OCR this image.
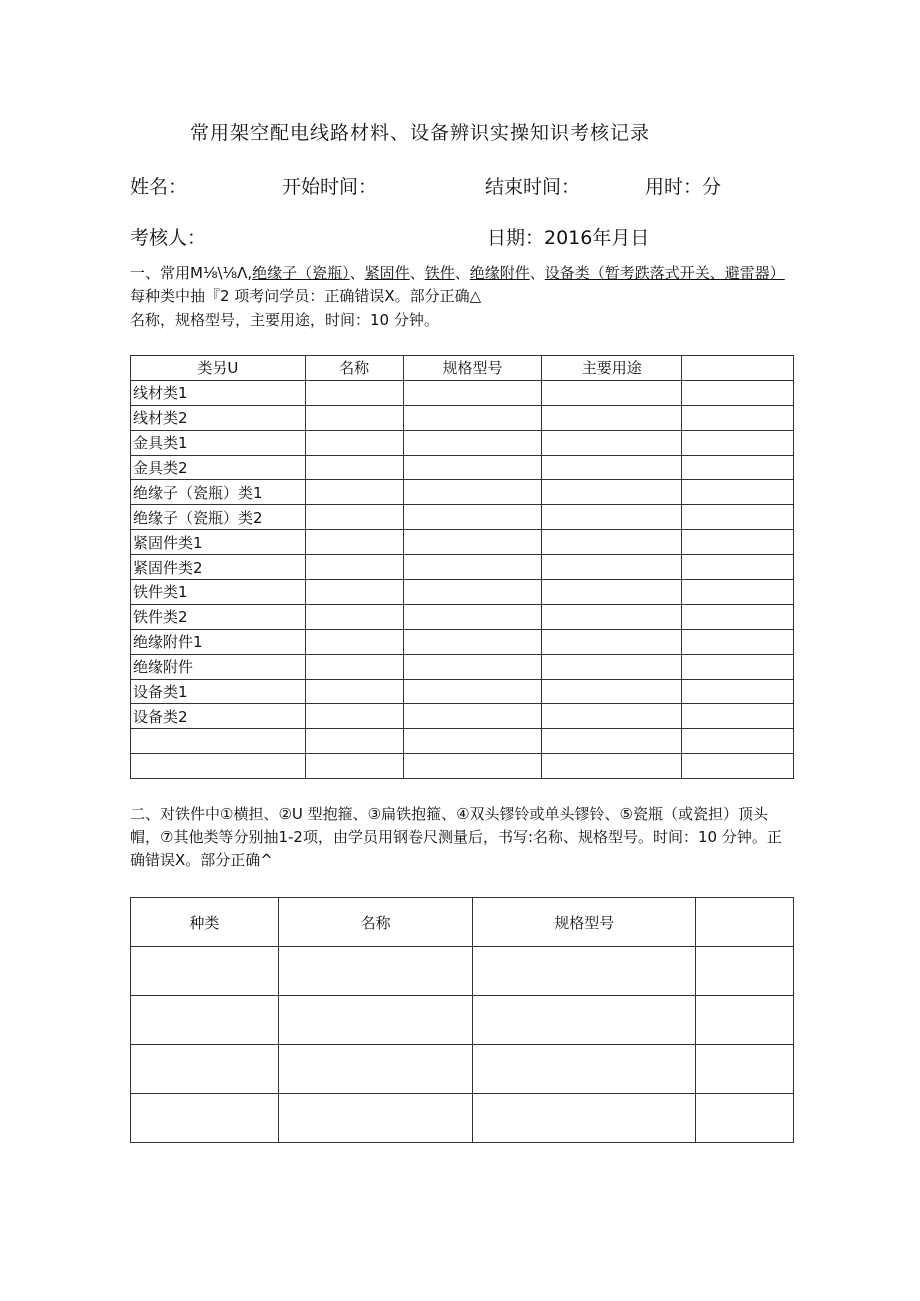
常用架空配电线路材料、设备辨识实操知识考核记录
姓名：	开始时间：	结束时间：	用时：分
考核人：	日期：2016年月日
一、常用M⅛\⅛Λ,绝缘子（瓷瓶）、紧固件、铁件、绝缘附件、设备类（暂考跌落式开关、避雷器）每种类中抽『2 项考问学员：正确错误X。部分正确△
名称，规格型号，主要用途，时间：10 分钟。
类另U	名称	规格型号	主要用途	
线材类1				
线材类2				
金具类1				
金具类2				
绝缘子（瓷瓶）类1				
绝缘子（瓷瓶）类2				
紧固件类1				
紧固件类2				
铁件类1				
铁件类2				
绝缘附件1				
绝缘附件				
设备类1				
设备类2				

二、对铁件中①横担、②U 型抱箍、③扁铁抱箍、④双头镠铃或单头镠铃、⑤瓷瓶（或瓷担）顶头帽，⑦其他类等分别抽1-2项，由学员用钢卷尺测量后，书写:名称、规格型号。时间：10 分钟。正确错误X。部分正确^
种类	名称	规格型号	
